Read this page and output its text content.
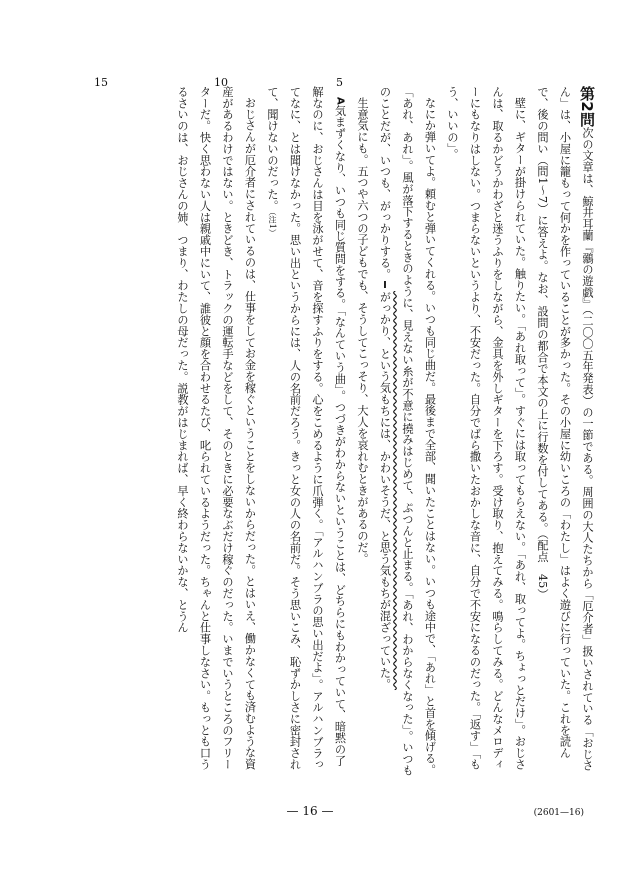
5
10
15

第2問次の文章は、鯨井耳蘭『鶸の遊戯』（二〇〇五年発表）の一節である。周囲の大人たちから「厄介者」扱いされている「おじさん」は、小屋に籠もって何かを作っていることが多かった。その小屋に幼いころの「わたし」はよく遊びに行っていた。これを読んで、後の問い（問1〜7）に答えよ。なお、設問の都合で本文の上に行数を付してある。（配点　45）

壁に、ギターが掛けられていた。触りたい。「あれ取って」。すぐには取ってもらえない。「あれ、取ってよ。ちょっとだけ」。おじさんは、取るかどうかわざと迷うふりをしながら、金具を外しギターを下ろす。受け取り、抱えてみる。鳴らしてみる。どんなメロディーにもなりはしない。つまらないというより、不安だった。自分でばら撒いたおかしな音に、自分で不安になるのだった。「返す」「もう、いいの」。

なにか弾いてよ。頼むと弾いてくれる。いつも同じ曲だ。最後まで全部、聞いたことはない。いつも途中で、「あれ」と首を傾げる。「あれ、あれ」。風が落下するときのように、見えない糸が不意に撓みはじめて、ぷつんと止まる。「あれ、わからなくなった」。いつものことだが、いつも、がっかりする。Ⅰがっかり、という気もちには、かわいそうだ、と思う気もちが混ざっていた。

生意気にも。五つや六つの子どもでも、そうしてこっそり、大人を哀れむときがあるのだ。

A気まずくなり、いつも同じ質問をする。「なんていう曲」。つづきがわからないということは、どちらにもわかっていて、暗黙の了解なのに、おじさんは目を泳がせて、音を探すふりをする。心をこめるように爪弾く。「アルハンブラの思い出だよ」。アルハンブラってなに、とは聞けなかった。思い出というからには、人の名前だろう。きっと女の人の名前だ。そう思いこみ、恥ずかしさに密封されて、聞けないのだった。（注1）

おじさんが厄介者にされているのは、仕事をしてお金を稼ぐということをしないからだった。とはいえ、働かなくても済むような資産があるわけではない。ときどき、トラックの運転手などをして、そのときに必要なぶだけ稼ぐのだった。いまでいうところのフリーターだ。快く思わない人は親戚中にいて、誰彼と顔を合わせるたび、叱られているようだった。ちゃんと仕事しなさい。もっとも口うるさいのは、おじさんの姉、つまり、わたしの母だった。説教がはじまれば、早く終わらないかな、とうん

— 16 —	(2601—16)
